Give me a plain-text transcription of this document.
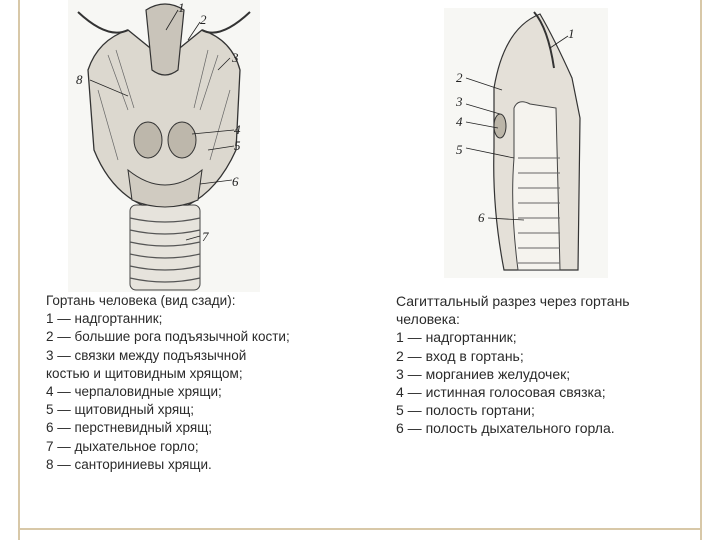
1
2
3
4
5
6
7
8
1
2
3
4
5
6
Гортань человека (вид сзади):
1 — надгортанник;
2 — большие рога подъязычной кости;
3 — связки между подъязычной
костью и щитовидным хрящом;
4 — черпаловидные хрящи;
5 — щитовидный хрящ;
6 — перстневидный хрящ;
7 — дыхательное горло;
8 — санториниевы хрящи.
Сагиттальный разрез через гортань
человека:
1 — надгортанник;
2 — вход в гортань;
3 — морганиев желудочек;
4 — истинная голосовая связка;
5 — полость гортани;
6 — полость дыхательного горла.
